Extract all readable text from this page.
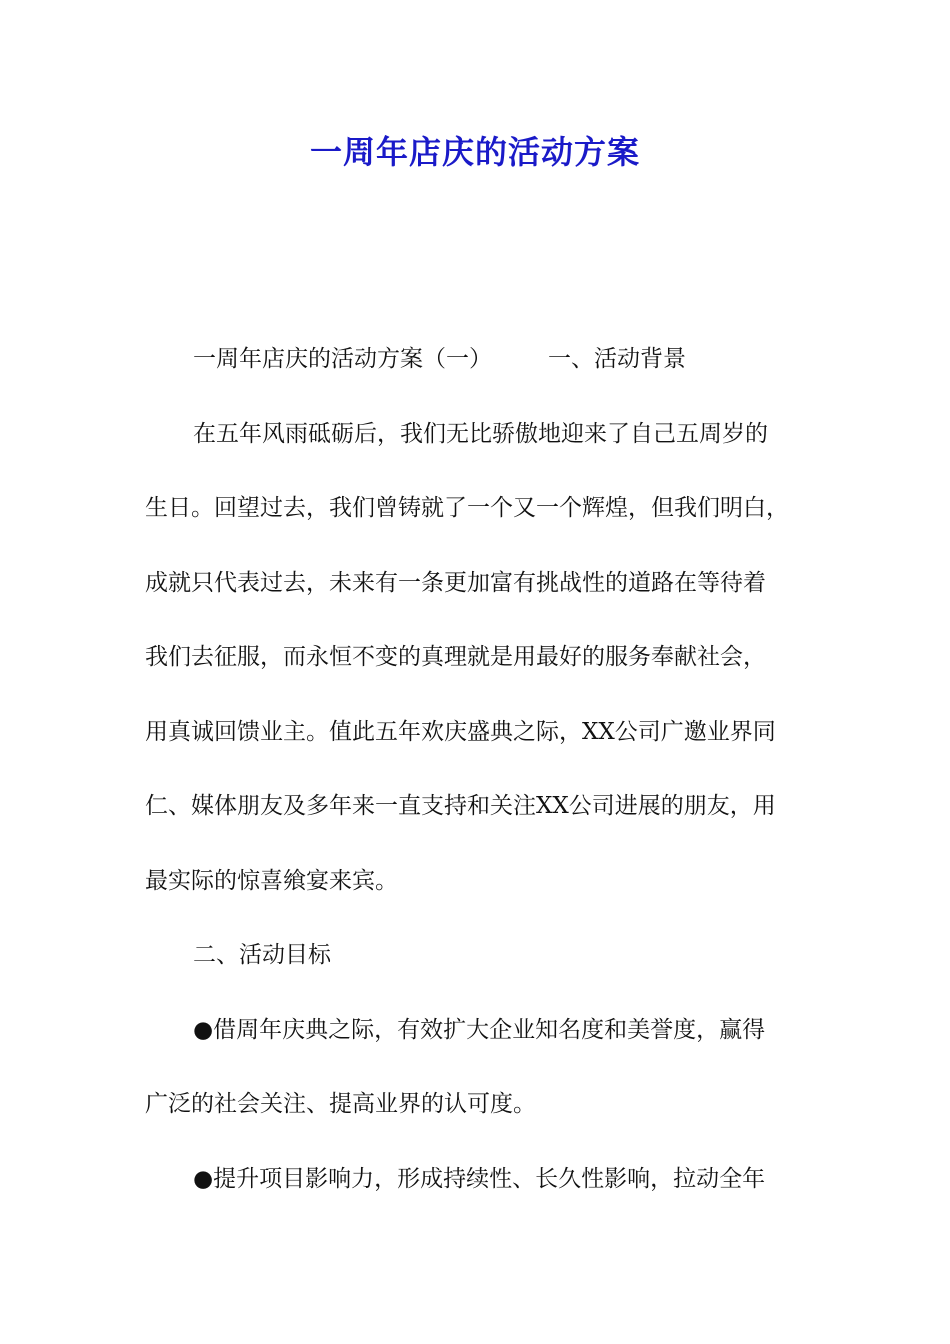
一周年店庆的活动方案
一周年店庆的活动方案（一） 一、活动背景
在五年风雨砥砺后，我们无比骄傲地迎来了自己五周岁的
生日。回望过去，我们曾铸就了一个又一个辉煌，但我们明白，
成就只代表过去，未来有一条更加富有挑战性的道路在等待着
我们去征服，而永恒不变的真理就是用最好的服务奉献社会，
用真诚回馈业主。值此五年欢庆盛典之际，XX公司广邀业界同
仁、媒体朋友及多年来一直支持和关注XX公司进展的朋友，用
最实际的惊喜飨宴来宾。
二、活动目标
●借周年庆典之际，有效扩大企业知名度和美誉度，赢得
广泛的社会关注、提高业界的认可度。
●提升项目影响力，形成持续性、长久性影响，拉动全年
